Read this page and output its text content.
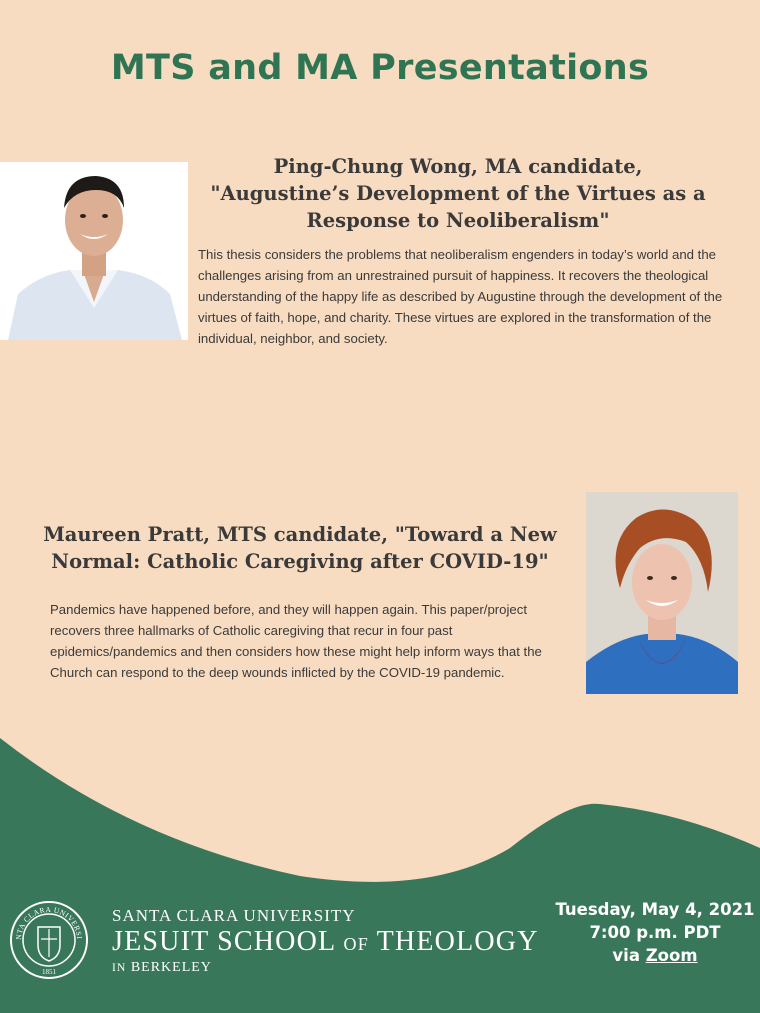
MTS and MA Presentations
Ping-Chung Wong, MA candidate, "Augustine’s Development of the Virtues as a Response to Neoliberalism"
This thesis considers the problems that neoliberalism engenders in today’s world and the challenges arising from an unrestrained pursuit of happiness. It recovers the theological understanding of the happy life as described by Augustine through the development of the virtues of faith, hope, and charity. These virtues are explored in the transformation of the individual, neighbor, and society.
Maureen Pratt, MTS candidate, "Toward a New Normal: Catholic Caregiving after COVID-19"
Pandemics have happened before, and they will happen again. This paper/project recovers three hallmarks of Catholic caregiving that recur in four past epidemics/pandemics and then considers how these might help inform ways that the Church can respond to the deep wounds inflicted by the COVID-19 pandemic.
NTA CLARA UNIVERSI
1851
SANTA CLARA UNIVERSITY
JESUIT SCHOOL OF THEOLOGY
IN BERKELEY
Tuesday, May 4, 2021
7:00 p.m. PDT
via Zoom
